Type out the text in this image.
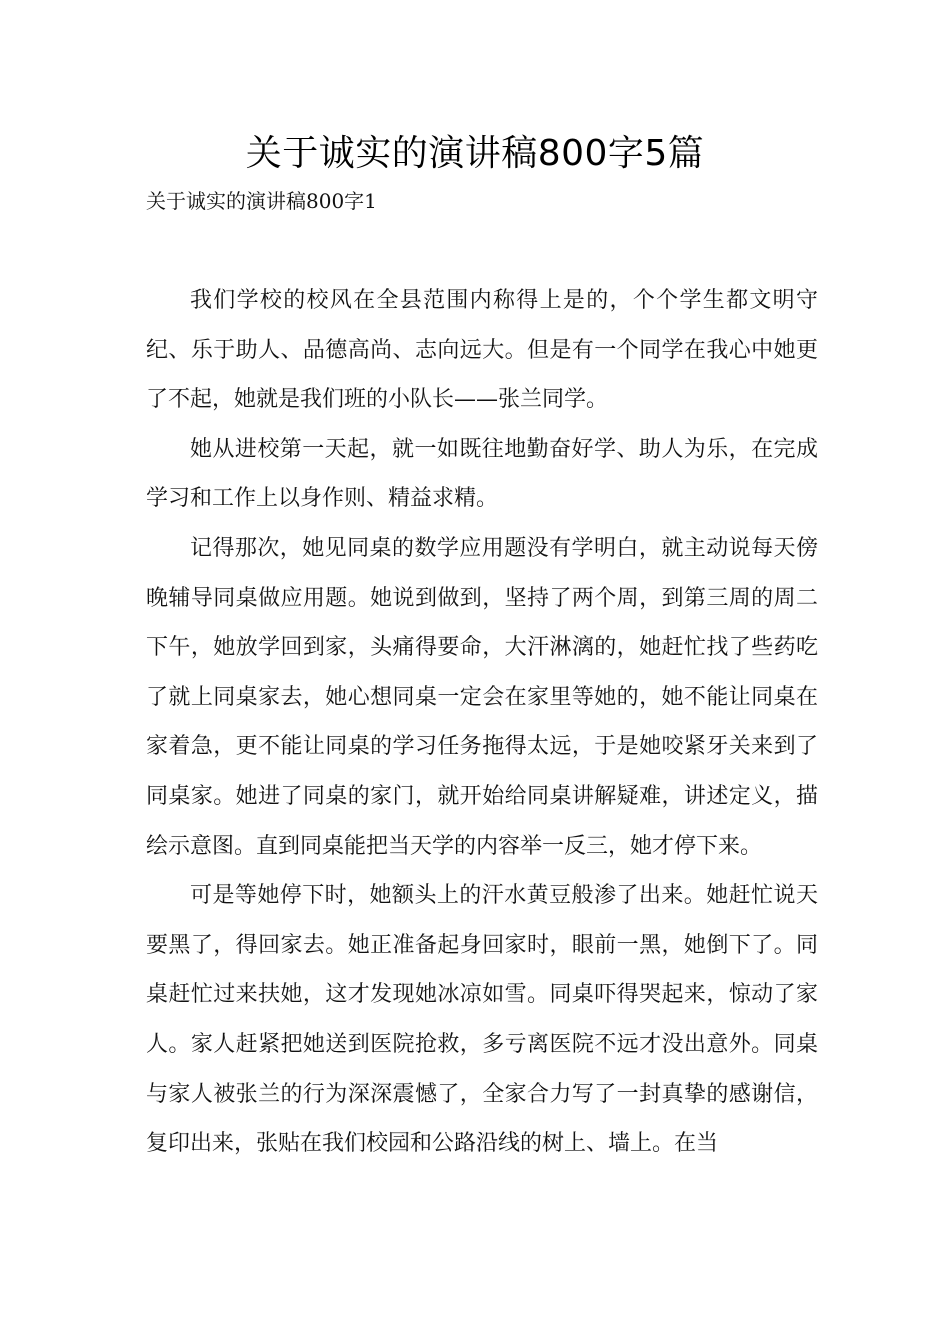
关于诚实的演讲稿800字5篇

关于诚实的演讲稿800字1

我们学校的校风在全县范围内称得上是的，个个学生都文明守纪、乐于助人、品德高尚、志向远大。但是有一个同学在我心中她更了不起，她就是我们班的小队长——张兰同学。

她从进校第一天起，就一如既往地勤奋好学、助人为乐，在完成学习和工作上以身作则、精益求精。

记得那次，她见同桌的数学应用题没有学明白，就主动说每天傍晚辅导同桌做应用题。她说到做到，坚持了两个周，到第三周的周二下午，她放学回到家，头痛得要命，大汗淋漓的，她赶忙找了些药吃了就上同桌家去，她心想同桌一定会在家里等她的，她不能让同桌在家着急，更不能让同桌的学习任务拖得太远，于是她咬紧牙关来到了同桌家。她进了同桌的家门，就开始给同桌讲解疑难，讲述定义，描绘示意图。直到同桌能把当天学的内容举一反三，她才停下来。

可是等她停下时，她额头上的汗水黄豆般渗了出来。她赶忙说天要黑了，得回家去。她正准备起身回家时，眼前一黑，她倒下了。同桌赶忙过来扶她，这才发现她冰凉如雪。同桌吓得哭起来，惊动了家人。家人赶紧把她送到医院抢救，多亏离医院不远才没出意外。同桌与家人被张兰的行为深深震憾了，全家合力写了一封真挚的感谢信，复印出来，张贴在我们校园和公路沿线的树上、墙上。在当
